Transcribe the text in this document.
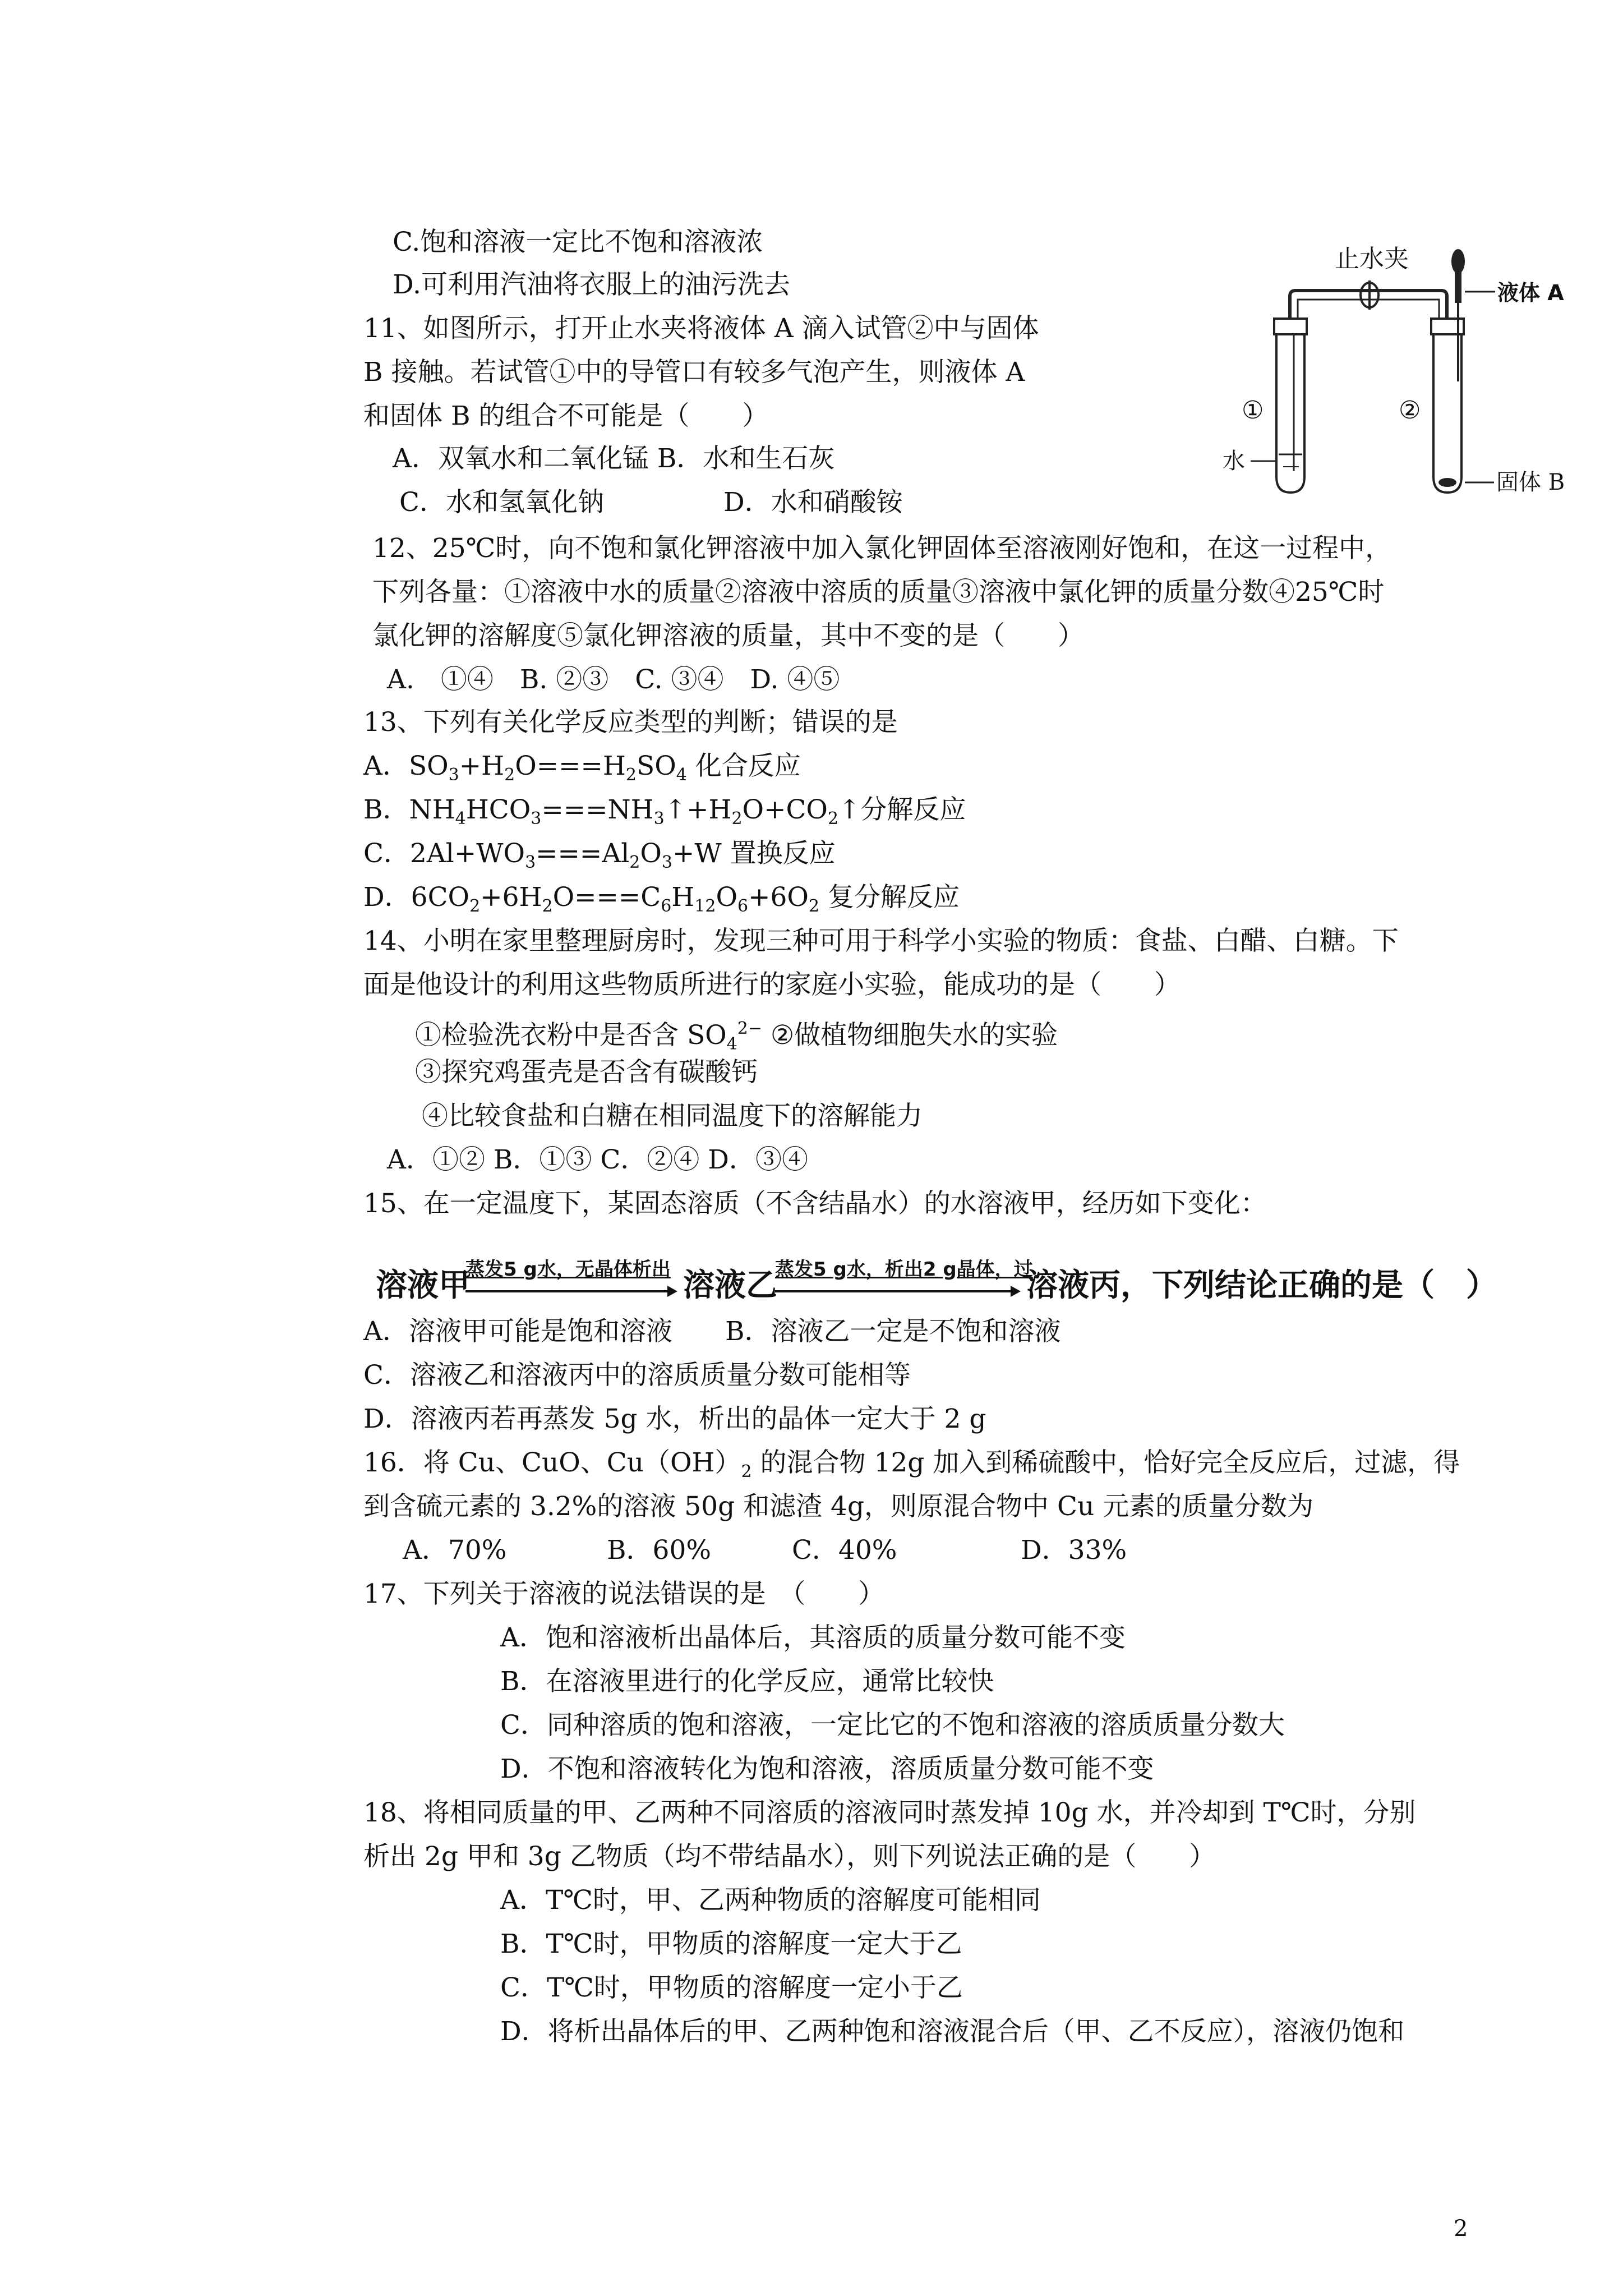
C.饱和溶液一定比不饱和溶液浓
D.可利用汽油将衣服上的油污洗去
11、如图所示，打开止水夹将液体 A 滴入试管②中与固体
B 接触。若试管①中的导管口有较多气泡产生，则液体 A
和固体 B 的组合不可能是（　　）
A．双氧水和二氧化锰 B．水和生石灰
C．水和氢氧化钠	D．水和硝酸铵
止水夹
液体 A
①	②
水
固体 B
12、25℃时，向不饱和氯化钾溶液中加入氯化钾固体至溶液刚好饱和，在这一过程中，
下列各量：①溶液中水的质量②溶液中溶质的质量③溶液中氯化钾的质量分数④25℃时
氯化钾的溶解度⑤氯化钾溶液的质量，其中不变的是（　　）
A.　①④　B. ②③　C. ③④　D. ④⑤
13、下列有关化学反应类型的判断；错误的是
A．$SO_3+H_2O===H_2SO_4$ 化合反应
B．$NH_4HCO_3===NH_3↑+H_2O+CO_2↑$分解反应
C．$2Al+WO_3===Al_2O_3+W$ 置换反应
D．$6CO_2+6H_2O===C_6H_{12}O_6+6O_2$ 复分解反应
14、小明在家里整理厨房时，发现三种可用于科学小实验的物质：食盐、白醋、白糖。下
面是他设计的利用这些物质所进行的家庭小实验，能成功的是（　　）
①检验洗衣粉中是否含 $SO_4^{2-}$ ②做植物细胞失水的实验
③探究鸡蛋壳是否含有碳酸钙
④比较食盐和白糖在相同温度下的溶解能力
A．①② B．①③ C．②④ D．③④
15、在一定温度下，某固态溶质（不含结晶水）的水溶液甲，经历如下变化：
溶液甲
蒸发5 g水，无晶体析出 溶液乙
蒸发5 g水，析出2 g晶体，过
溶液丙，下列结论正确的是（　）
A．溶液甲可能是饱和溶液　　B．溶液乙一定是不饱和溶液
C．溶液乙和溶液丙中的溶质质量分数可能相等
D．溶液丙若再蒸发 5g 水，析出的晶体一定大于 2 g
16．将 Cu、CuO、$Cu(OH)_2$ 的混合物 12g 加入到稀硫酸中，恰好完全反应后，过滤，得
到含硫元素的 3.2%的溶液 50g 和滤渣 4g，则原混合物中 Cu 元素的质量分数为
A．70%	B．60%	C．40%	D．33%
17、下列关于溶液的说法错误的是　（　　）
A．饱和溶液析出晶体后，其溶质的质量分数可能不变
B．在溶液里进行的化学反应，通常比较快
C．同种溶质的饱和溶液，一定比它的不饱和溶液的溶质质量分数大
D．不饱和溶液转化为饱和溶液，溶质质量分数可能不变
18、将相同质量的甲、乙两种不同溶质的溶液同时蒸发掉 10g 水，并冷却到 T℃时，分别
析出 2g 甲和 3g 乙物质（均不带结晶水），则下列说法正确的是（　　）
A．T℃时，甲、乙两种物质的溶解度可能相同
B．T℃时，甲物质的溶解度一定大于乙
C．T℃时，甲物质的溶解度一定小于乙
D．将析出晶体后的甲、乙两种饱和溶液混合后（甲、乙不反应），溶液仍饱和
2
